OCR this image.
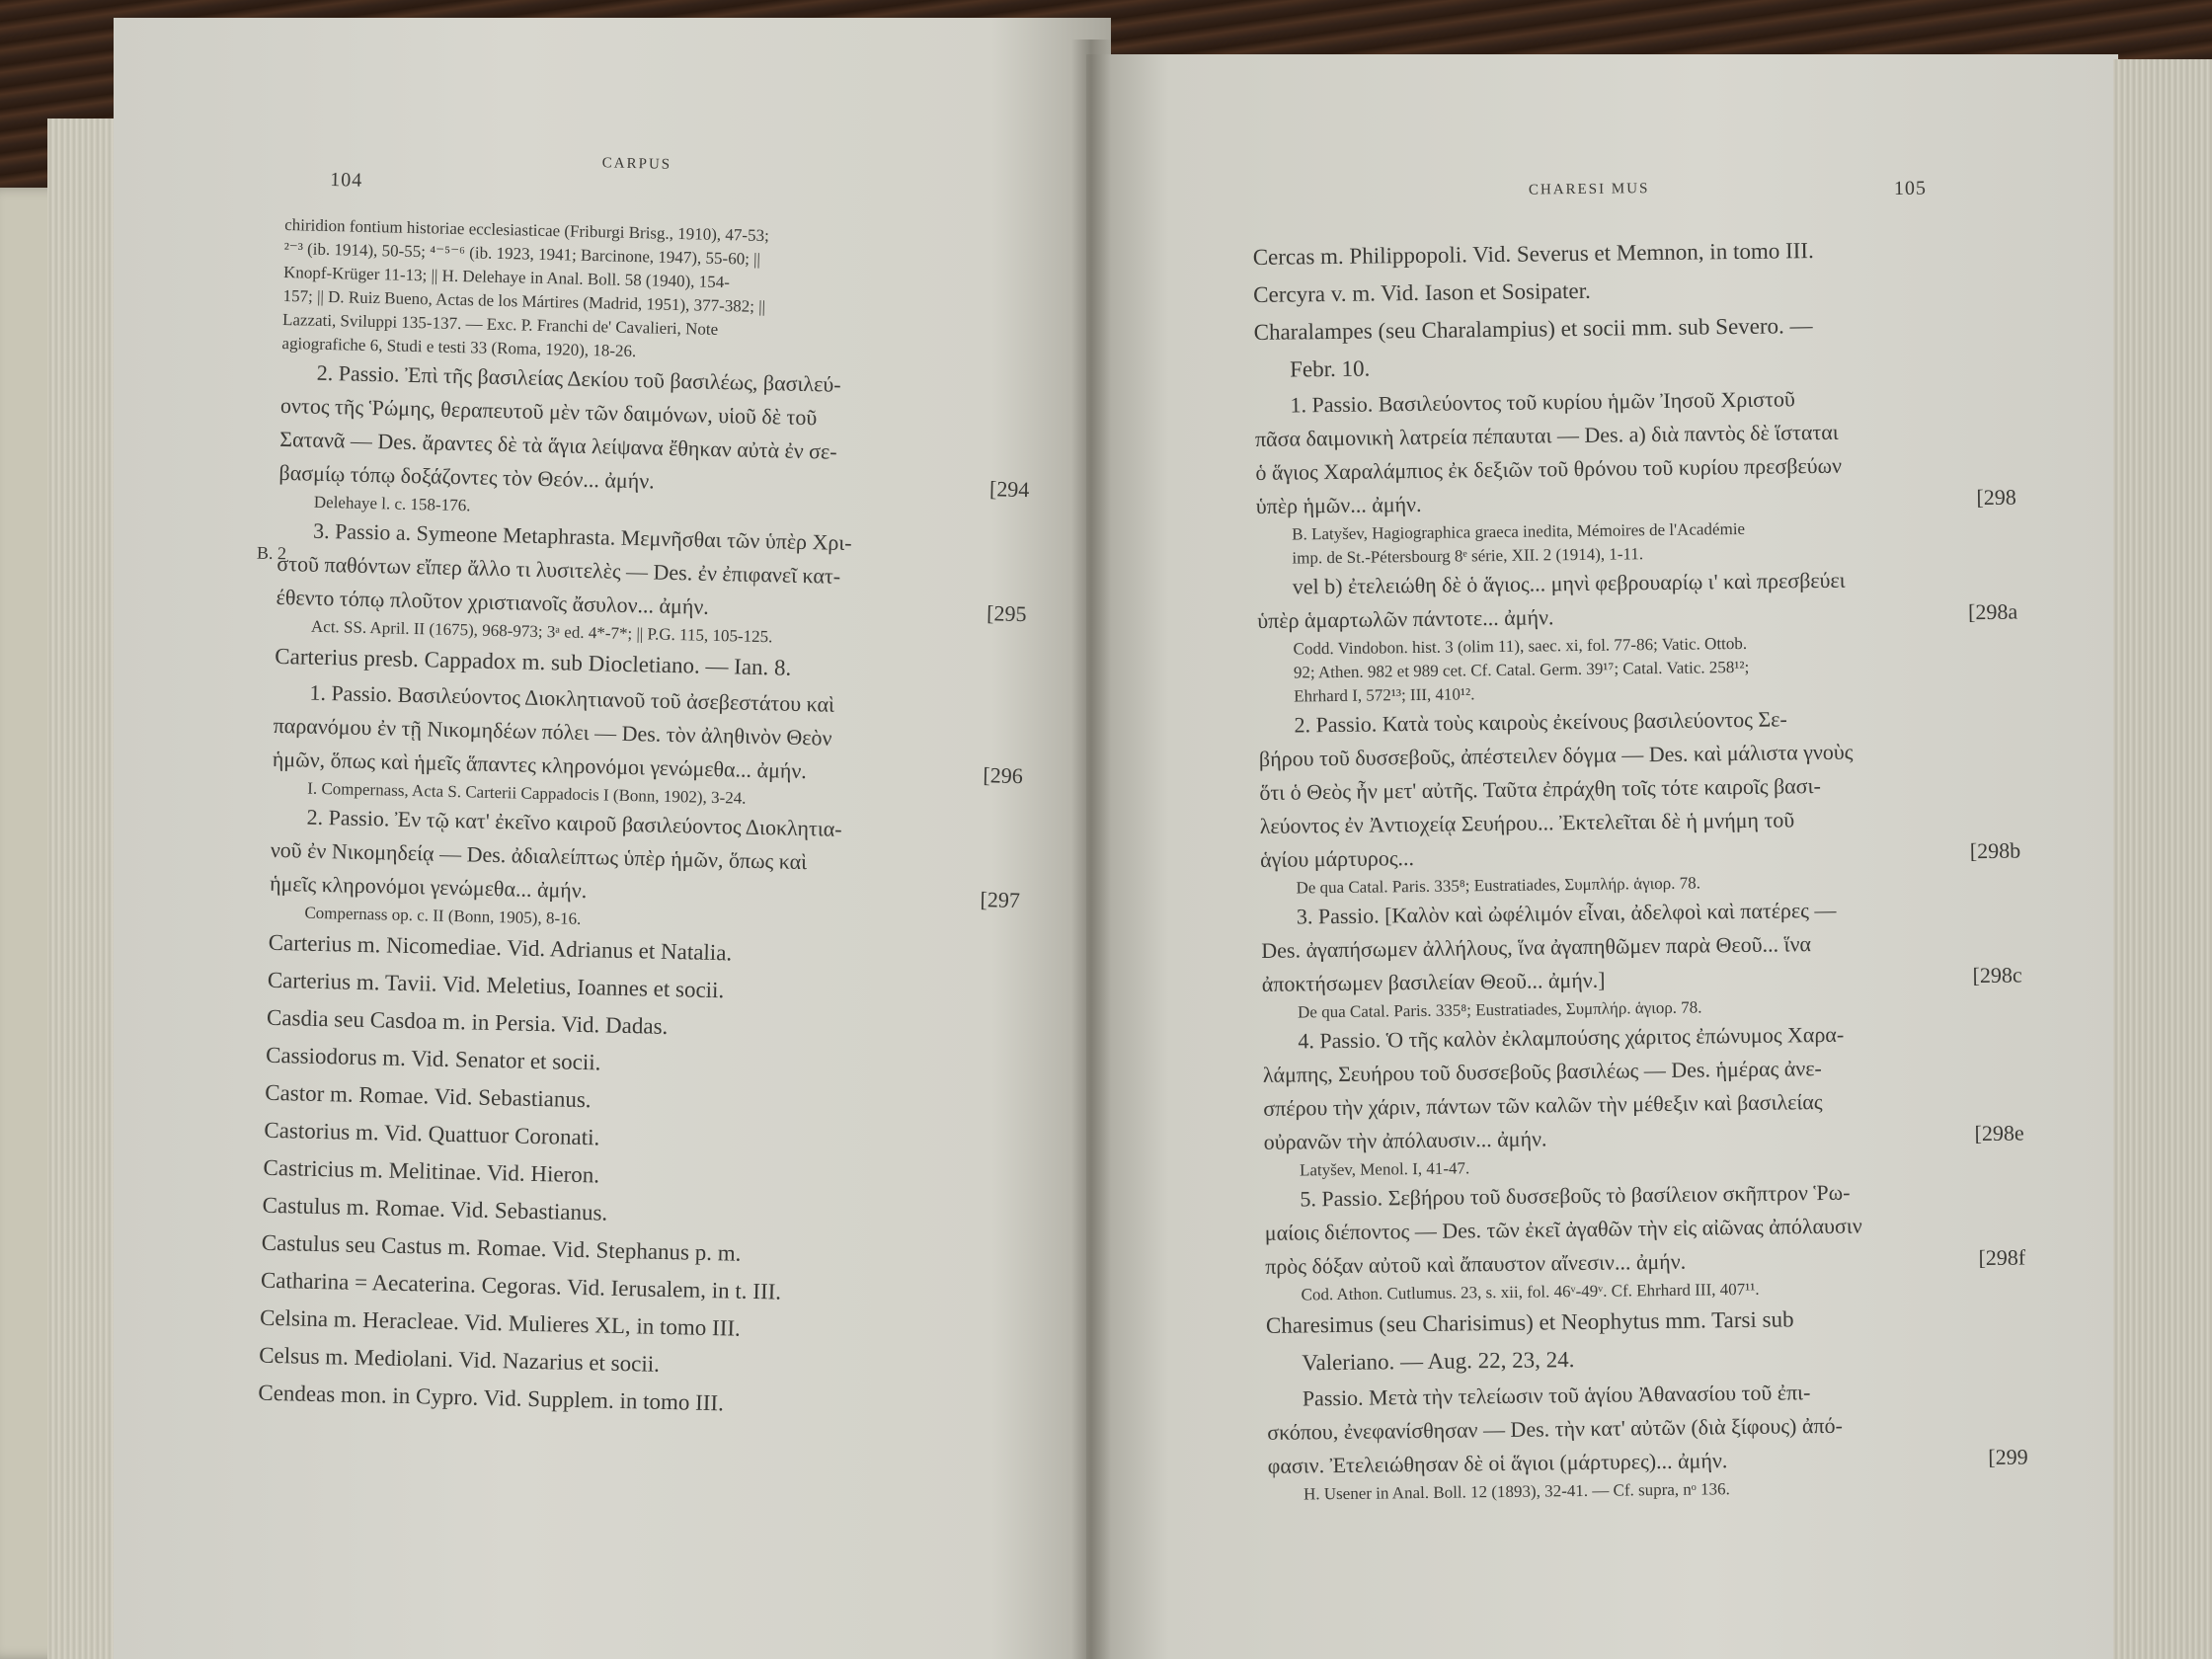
B. 2
104
CARPUS
chiridion fontium historiae ecclesiasticae (Friburgi Brisg., 1910), 47-53;
²⁻³ (ib. 1914), 50-55; ⁴⁻⁵⁻⁶ (ib. 1923, 1941; Barcinone, 1947), 55-60; ||
Knopf-Krüger 11-13; || H. Delehaye in Anal. Boll. 58 (1940), 154-
157; || D. Ruiz Bueno, Actas de los Mártires (Madrid, 1951), 377-382; ||
Lazzati, Sviluppi 135-137. — Exc. P. Franchi de' Cavalieri, Note
agiografiche 6, Studi e testi 33 (Roma, 1920), 18-26.
2. Passio. Ἐπὶ τῆς βασιλείας Δεκίου τοῦ βασιλέως, βασιλεύ-
οντος τῆς Ῥώμης, θεραπευτοῦ μὲν τῶν δαιμόνων, υἱοῦ δὲ τοῦ
Σατανᾶ — Des. ἄραντες δὲ τὰ ἅγια λείψανα ἔθηκαν αὐτὰ ἐν σε-
βασμίῳ τόπῳ δοξάζοντες τὸν Θεόν... ἀμήν.	[294
Delehaye l. c. 158-176.
3. Passio a. Symeone Metaphrasta. Μεμνῆσθαι τῶν ὑπὲρ Χρι-
στοῦ παθόντων εἴπερ ἄλλο τι λυσιτελὲς — Des. ἐν ἐπιφανεῖ κατ-
έθεντο τόπῳ πλοῦτον χριστιανοῖς ἄσυλον... ἀμήν.	[295
Act. SS. April. II (1675), 968-973; 3ᵃ ed. 4*-7*; || P.G. 115, 105-125.
Carterius presb. Cappadox m. sub Diocletiano. — Ian. 8.
1. Passio. Βασιλεύοντος Διοκλητιανοῦ τοῦ ἀσεβεστάτου καὶ
παρανόμου ἐν τῇ Νικομηδέων πόλει — Des. τὸν ἀληθινὸν Θεὸν
ἡμῶν, ὅπως καὶ ἡμεῖς ἅπαντες κληρονόμοι γενώμεθα... ἀμήν.	[296
I. Compernass, Acta S. Carterii Cappadocis I (Bonn, 1902), 3-24.
2. Passio. Ἐν τῷ κατ' ἐκεῖνο καιροῦ βασιλεύοντος Διοκλητια-
νοῦ ἐν Νικομηδείᾳ — Des. ἀδιαλείπτως ὑπὲρ ἡμῶν, ὅπως καὶ
ἡμεῖς κληρονόμοι γενώμεθα... ἀμήν.	[297
Compernass op. c. II (Bonn, 1905), 8-16.
Carterius m. Nicomediae. Vid. Adrianus et Natalia.
Carterius m. Tavii. Vid. Meletius, Ioannes et socii.
Casdia seu Casdoa m. in Persia. Vid. Dadas.
Cassiodorus m. Vid. Senator et socii.
Castor m. Romae. Vid. Sebastianus.
Castorius m. Vid. Quattuor Coronati.
Castricius m. Melitinae. Vid. Hieron.
Castulus m. Romae. Vid. Sebastianus.
Castulus seu Castus m. Romae. Vid. Stephanus p. m.
Catharina = Aecaterina. Cegoras. Vid. Ierusalem, in t. III.
Celsina m. Heracleae. Vid. Mulieres XL, in tomo III.
Celsus m. Mediolani. Vid. Nazarius et socii.
Cendeas mon. in Cypro. Vid. Supplem. in tomo III.
CHARESI MUS	105
Cercas m. Philippopoli. Vid. Severus et Memnon, in tomo III.
Cercyra v. m. Vid. Iason et Sosipater.
Charalampes (seu Charalampius) et socii mm. sub Severo. —
Febr. 10.
1. Passio. Βασιλεύοντος τοῦ κυρίου ἡμῶν Ἰησοῦ Χριστοῦ
πᾶσα δαιμονικὴ λατρεία πέπαυται — Des. a) διὰ παντὸς δὲ ἵσταται
ὁ ἅγιος Χαραλάμπιος ἐκ δεξιῶν τοῦ θρόνου τοῦ κυρίου πρεσβεύων
ὑπὲρ ἡμῶν... ἀμήν.	[298
B. Latyšev, Hagiographica graeca inedita, Mémoires de l'Académie
imp. de St.-Pétersbourg 8ᵉ série, XII. 2 (1914), 1-11.
vel b) ἐτελειώθη δὲ ὁ ἅγιος... μηνὶ φεβρουαρίῳ ι' καὶ πρεσβεύει
ὑπὲρ ἁμαρτωλῶν πάντοτε... ἀμήν.	[298a
Codd. Vindobon. hist. 3 (olim 11), saec. xi, fol. 77-86; Vatic. Ottob.
92; Athen. 982 et 989 cet. Cf. Catal. Germ. 39¹⁷; Catal. Vatic. 258¹²;
Ehrhard I, 572¹³; III, 410¹².
2. Passio. Κατὰ τοὺς καιροὺς ἐκείνους βασιλεύοντος Σε-
βήρου τοῦ δυσσεβοῦς, ἀπέστειλεν δόγμα — Des. καὶ μάλιστα γνοὺς
ὅτι ὁ Θεὸς ἦν μετ' αὐτῆς. Ταῦτα ἐπράχθη τοῖς τότε καιροῖς βασι-
λεύοντος ἐν Ἀντιοχείᾳ Σευήρου... Ἐκτελεῖται δὲ ἡ μνήμη τοῦ
ἁγίου μάρτυρος...	[298b
De qua Catal. Paris. 335⁸; Eustratiades, Συμπλήρ. ἁγιορ. 78.
3. Passio. [Καλὸν καὶ ὠφέλιμόν εἶναι, ἀδελφοὶ καὶ πατέρες —
Des. ἀγαπήσωμεν ἀλλήλους, ἵνα ἀγαπηθῶμεν παρὰ Θεοῦ... ἵνα
ἀποκτήσωμεν βασιλείαν Θεοῦ... ἀμήν.]	[298c
De qua Catal. Paris. 335⁸; Eustratiades, Συμπλήρ. ἁγιορ. 78.
4. Passio. Ὁ τῆς καλὸν ἐκλαμπούσης χάριτος ἐπώνυμος Χαρα-
λάμπης, Σευήρου τοῦ δυσσεβοῦς βασιλέως — Des. ἡμέρας ἀνε-
σπέρου τὴν χάριν, πάντων τῶν καλῶν τὴν μέθεξιν καὶ βασιλείας
οὐρανῶν τὴν ἀπόλαυσιν... ἀμήν.	[298e
Latyšev, Menol. I, 41-47.
5. Passio. Σεβήρου τοῦ δυσσεβοῦς τὸ βασίλειον σκῆπτρον Ῥω-
μαίοις διέποντος — Des. τῶν ἐκεῖ ἀγαθῶν τὴν εἰς αἰῶνας ἀπόλαυσιν
πρὸς δόξαν αὐτοῦ καὶ ἄπαυστον αἴνεσιν... ἀμήν.	[298f
Cod. Athon. Cutlumus. 23, s. xii, fol. 46ᵛ-49ᵛ. Cf. Ehrhard III, 407¹¹.
Charesimus (seu Charisimus) et Neophytus mm. Tarsi sub
Valeriano. — Aug. 22, 23, 24.
Passio. Μετὰ τὴν τελείωσιν τοῦ ἁγίου Ἀθανασίου τοῦ ἐπι-
σκόπου, ἐνεφανίσθησαν — Des. τὴν κατ' αὐτῶν (διὰ ξίφους) ἀπό-
φασιν. Ἐτελειώθησαν δὲ οἱ ἅγιοι (μάρτυρες)... ἀμήν.	[299
H. Usener in Anal. Boll. 12 (1893), 32-41. — Cf. supra, nᵒ 136.
